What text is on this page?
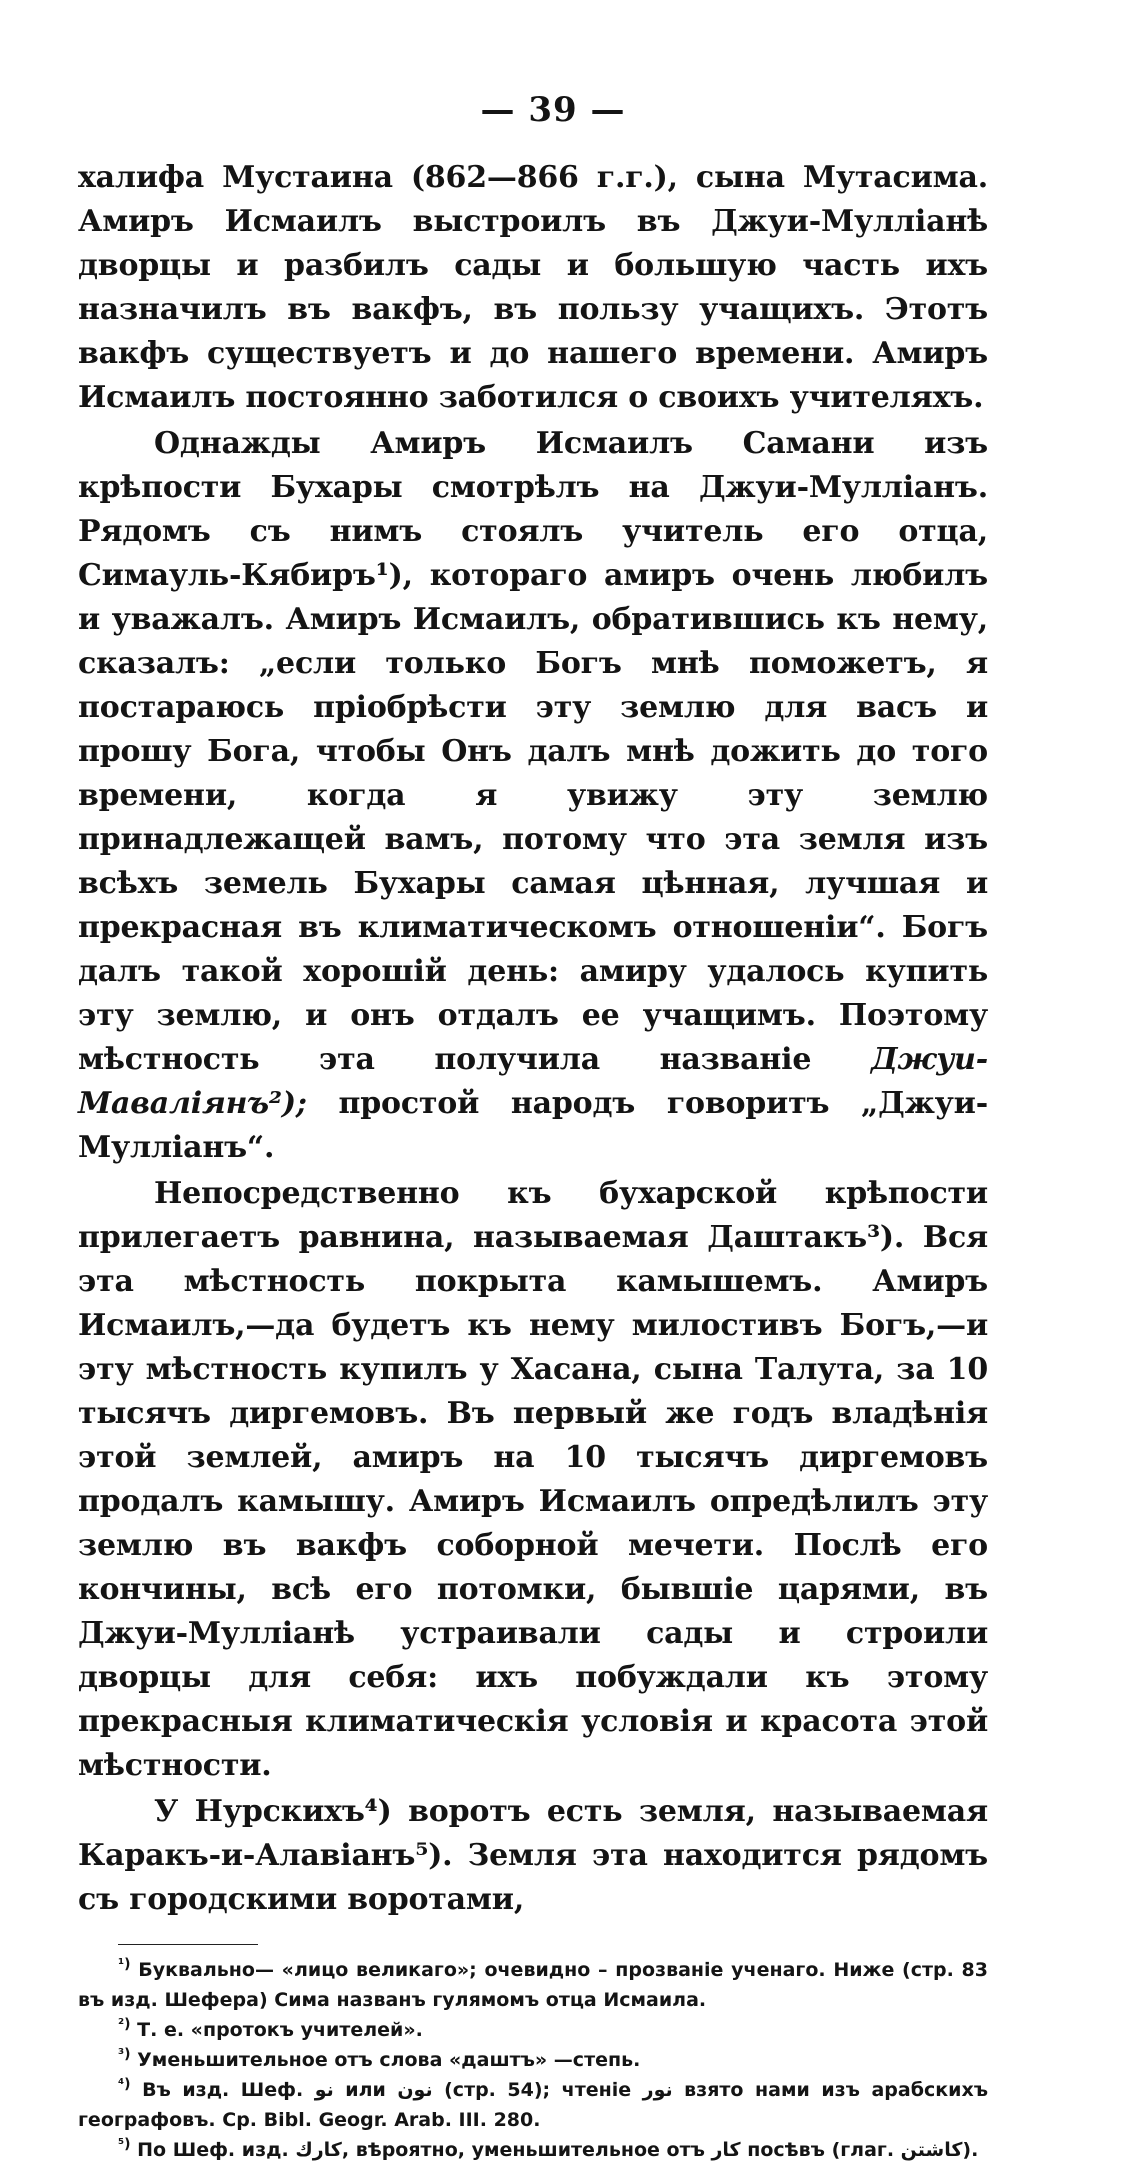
— 39 —

халифа Мустаина (862—866 г.г.), сына Мутасима. Амиръ Исмаилъ выстроилъ въ Джуи-Мулліанѣ дворцы и разбилъ сады и большую часть ихъ назначилъ въ вакфъ, въ пользу учащихъ. Этотъ вакфъ существуетъ и до нашего времени. Амиръ Исмаилъ постоянно заботился о своихъ учителяхъ.

Однажды Амиръ Исмаилъ Самани изъ крѣпости Бухары смотрѣлъ на Джуи-Мулліанъ. Рядомъ съ нимъ стоялъ учитель его отца, Симауль-Кябиръ¹), котораго амиръ очень любилъ и уважалъ. Амиръ Исмаилъ, обратившись къ нему, сказалъ: „если только Богъ мнѣ поможетъ, я постараюсь пріобрѣсти эту землю для васъ и прошу Бога, чтобы Онъ далъ мнѣ дожить до того времени, когда я увижу эту землю принадлежащей вамъ, потому что эта земля изъ всѣхъ земель Бухары самая цѣнная, лучшая и прекрасная въ климатическомъ отношеніи“. Богъ далъ такой хорошій день: амиру удалось купить эту землю, и онъ отдалъ ее учащимъ. Поэтому мѣстность эта получила названіе Джуи-Маваліянъ²); простой народъ говоритъ „Джуи-Мулліанъ“.

Непосредственно къ бухарской крѣпости прилегаетъ равнина, называемая Даштакъ³). Вся эта мѣстность покрыта камышемъ. Амиръ Исмаилъ,—да будетъ къ нему милостивъ Богъ,—и эту мѣстность купилъ у Хасана, сына Талута, за 10 тысячъ диргемовъ. Въ первый же годъ владѣнія этой землей, амиръ на 10 тысячъ диргемовъ продалъ камышу. Амиръ Исмаилъ опредѣлилъ эту землю въ вакфъ соборной мечети. Послѣ его кончины, всѣ его потомки, бывшіе царями, въ Джуи-Мулліанѣ устраивали сады и строили дворцы для себя: ихъ побуждали къ этому прекрасныя климатическія условія и красота этой мѣстности.

У Нурскихъ⁴) воротъ есть земля, называемая Каракъ-и-Алавіанъ⁵). Земля эта находится рядомъ съ городскими воротами,

$^{^1)}$ Буквально— «лицо великаго»; очевидно – прозваніе ученаго. Ниже (стр. 83 въ изд. Шефера) Сима названъ гулямомъ отца Исмаила.

$^{^2)}$ Т. е. «протокъ учителей».

$^{^3)}$ Уменьшительное отъ слова «даштъ» —степь.

$^{^4)}$ Въ изд. Шеф. نو или نون (стр. 54); чтеніе نور взято нами изъ арабскихъ географовъ. Ср. Bibl. Geogr. Arab. III. 280.

$^{^5)}$ По Шеф. изд. کارك, вѣроятно, уменьшительное отъ کار посѣвъ (глаг. کاشتن).
